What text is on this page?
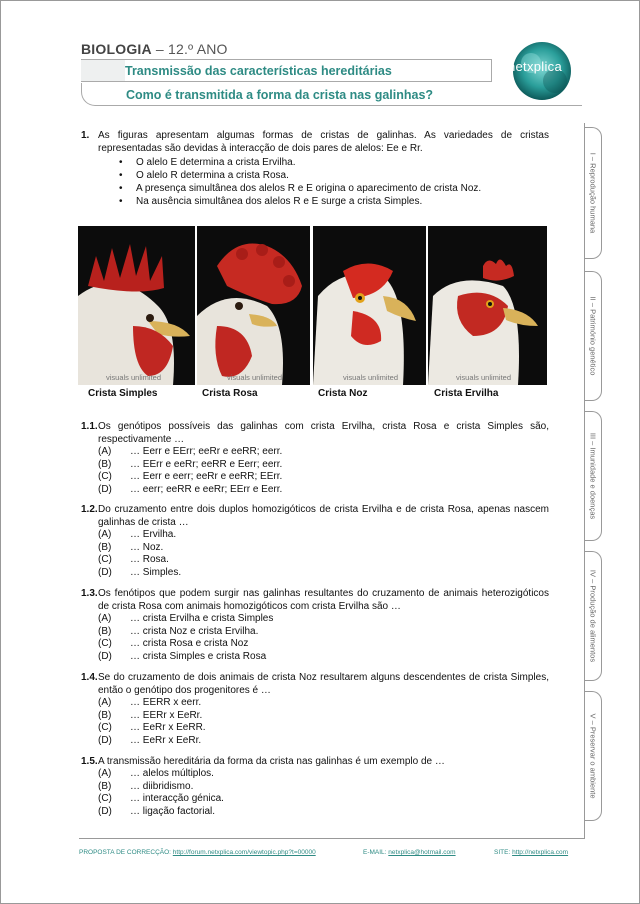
BIOLOGIA – 12.º ANO
Transmissão das características hereditárias
Como é transmitida a forma da crista nas galinhas?
netxplica
I – Reprodução humana
II – Património genético
III – Imunidade e doenças
IV – Produção de alimentos
V – Preservar o ambiente
1. As figuras apresentam algumas formas de cristas de galinhas. As variedades de cristas representadas são devidas à interacção de dois pares de alelos: Ee e Rr.
• O alelo E determina a crista Ervilha.
• O alelo R determina a crista Rosa.
• A presença simultânea dos alelos R e E origina o aparecimento de crista Noz.
• Na ausência simultânea dos alelos R e E surge a crista Simples.
visuals unlimited	visuals unlimited	visuals unlimited	visuals unlimited
Crista Simples	Crista Rosa	Crista Noz	Crista Ervilha
1.1. Os genótipos possíveis das galinhas com crista Ervilha, crista Rosa e crista Simples são, respectivamente …
(A) … Eerr e EErr; eeRr e eeRR; eerr.
(B) … EErr e eeRr; eeRR e Eerr; eerr.
(C) … Eerr e eerr; eeRr e eeRR; EErr.
(D) … eerr; eeRR e eeRr; EErr e Eerr.
1.2. Do cruzamento entre dois duplos homozigóticos de crista Ervilha e de crista Rosa, apenas nascem galinhas de crista …
(A) … Ervilha.
(B) … Noz.
(C) … Rosa.
(D) … Simples.
1.3. Os fenótipos que podem surgir nas galinhas resultantes do cruzamento de animais heterozigóticos de crista Rosa com animais homozigóticos com crista Ervilha são …
(A) … crista Ervilha e crista Simples
(B) … crista Noz e crista Ervilha.
(C) … crista Rosa e crista Noz
(D) … crista Simples e crista Rosa
1.4. Se do cruzamento de dois animais de crista Noz resultarem alguns descendentes de crista Simples, então o genótipo dos progenitores é …
(A) … EERR x eerr.
(B) … EERr x EeRr.
(C) … EeRr x EeRR.
(D) … EeRr x EeRr.
1.5. A transmissão hereditária da forma da crista nas galinhas é um exemplo de …
(A) … alelos múltiplos.
(B) … diibridismo.
(C) … interacção génica.
(D) … ligação factorial.
PROPOSTA DE CORRECÇÃO: http://forum.netxplica.com/viewtopic.php?t=00000	E-MAIL: netxplica@hotmail.com	SITE: http://netxplica.com
